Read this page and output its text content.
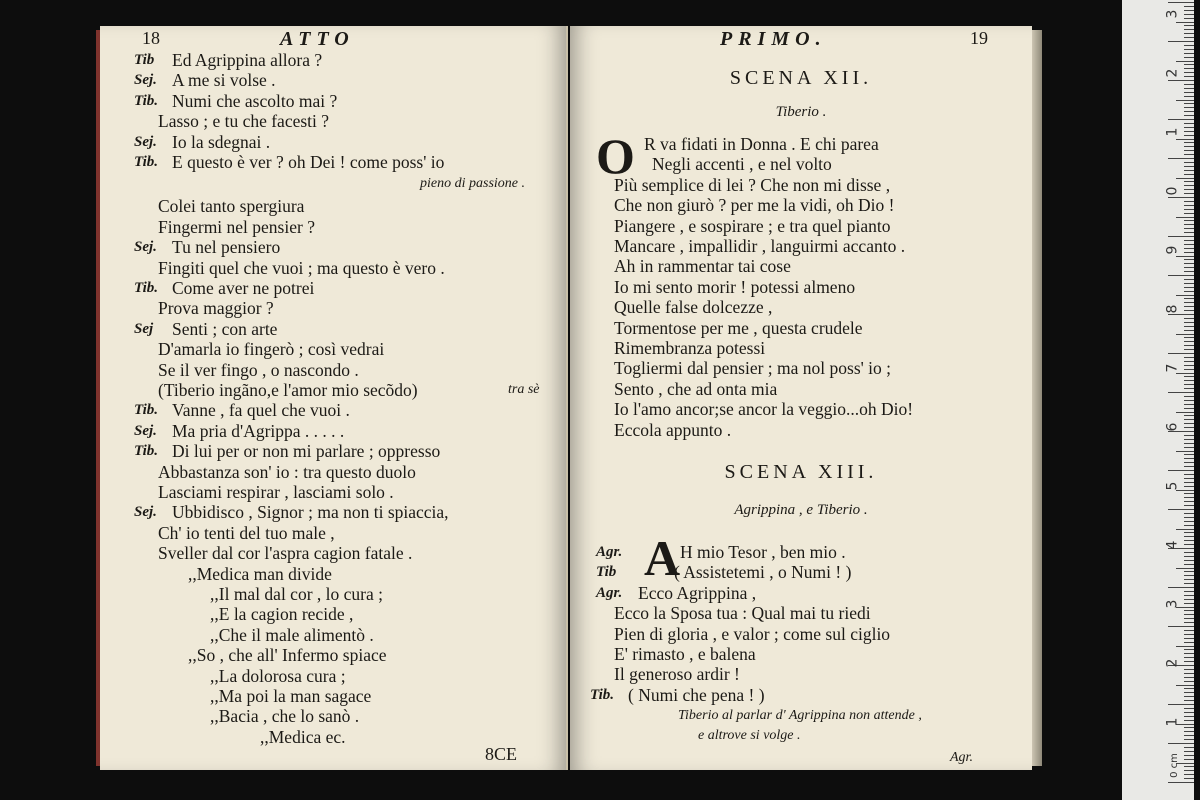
18	ATTO
Tib Ed Agrippina allora ?
Sej. A me si volse .
Tib. Numi che ascolto mai ?
Lasso ; e tu che facesti ?
Sej. Io la sdegnai .
Tib. E questo è ver ? oh Dei ! come poss' io
pieno di passione .
Colei tanto spergiura
Fingermi nel pensier ?
Sej. Tu nel pensiero
Fingiti quel che vuoi ; ma questo è vero .
Tib. Come aver ne potrei
Prova maggior ?
Sej Senti ; con arte
D'amarla io fingerò ; così vedrai
Se il ver fingo , o nascondo .
(Tiberio ingãno,e l'amor mio secõdo)	tra sè
Tib. Vanne , fa quel che vuoi .
Sej. Ma pria d'Agrippa . . . . .
Tib. Di lui per or non mi parlare ; oppresso
Abbastanza son' io : tra questo duolo
Lasciami respirar , lasciami solo .
Sej. Ubbidisco , Signor ; ma non ti spiaccia,
Ch' io tenti del tuo male ,
Sveller dal cor l'aspra cagion fatale .
,,Medica man divide
,,Il mal dal cor , lo cura ;
,,E la cagion recide ,
,,Che il male alimentò .
,,So , che all' Infermo spiace
,,La dolorosa cura ;
,,Ma poi la man sagace
,,Bacia , che lo sanò .
,,Medica ec.
8CE
PRIMO.	19
SCENA XII.
Tiberio .
O R va fidati in Donna . E chi parea
Negli accenti , e nel volto
Più semplice di lei ? Che non mi disse ,
Che non giurò ? per me la vidi, oh Dio !
Piangere , e sospirare ; e tra quel pianto
Mancare , impallidir , languirmi accanto .
Ah in rammentar tai cose
Io mi sento morir ! potessi almeno
Quelle false dolcezze ,
Tormentose per me , questa crudele
Rimembranza potessi
Togliermi dal pensier ; ma nol poss' io ;
Sento , che ad onta mia
Io l'amo ancor;se ancor la veggio...oh Dio!
Eccola appunto .
SCENA XIII.
Agrippina , e Tiberio .
A
Agr.	H mio Tesor , ben mio .
Tib	( Assistetemi , o Numi ! )
Agr. Ecco Agrippina ,
Ecco la Sposa tua : Qual mai tu riedi
Pien di gloria , e valor ; come sul ciglio
E' rimasto , e balena
Il generoso ardir !
Tib. ( Numi che pena ! )
Tiberio al parlar d' Agrippina non attende ,
e altrove si volge .
Agr.
3
2
1
0
9
8
7
6
5
4
3
2
1
0 cm
